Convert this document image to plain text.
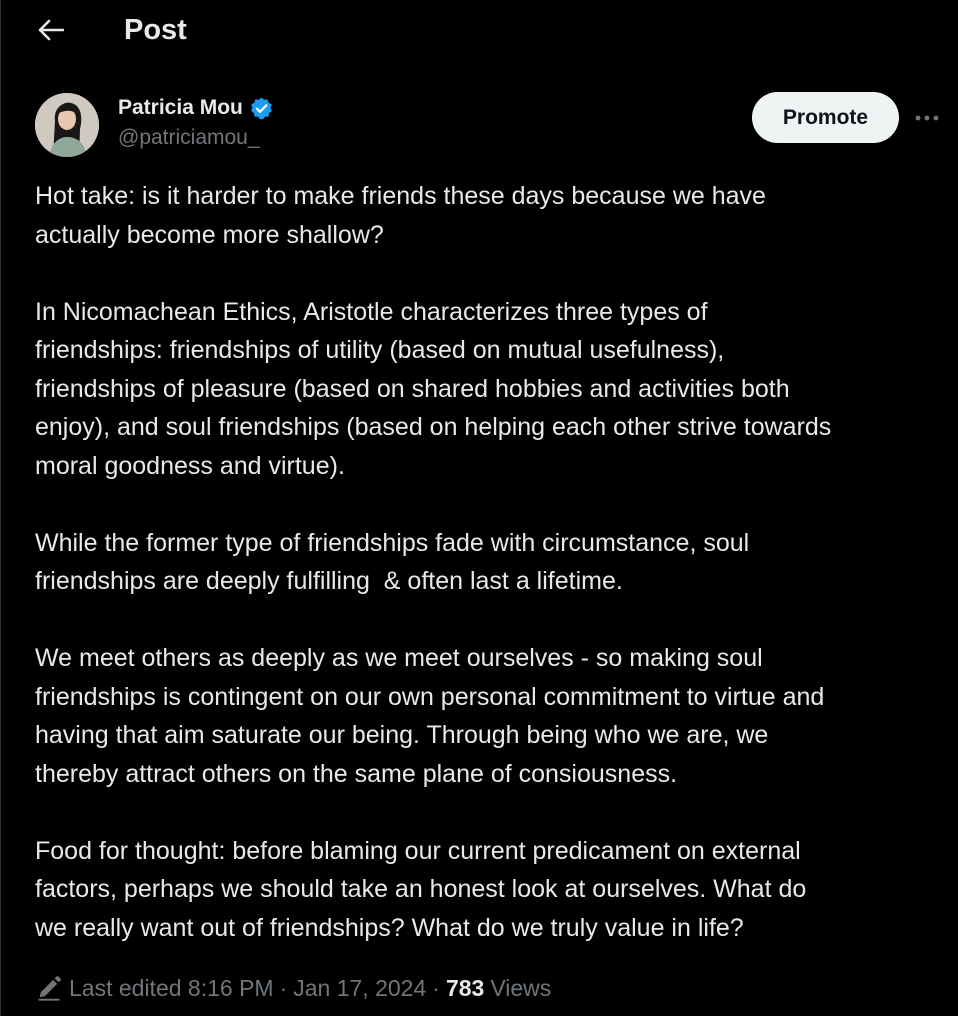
Post
Patricia Mou
@patriciamou_
Promote

Hot take: is it harder to make friends these days because we have
actually become more shallow?

In Nicomachean Ethics, Aristotle characterizes three types of
friendships: friendships of utility (based on mutual usefulness),
friendships of pleasure (based on shared hobbies and activities both
enjoy), and soul friendships (based on helping each other strive towards
moral goodness and virtue).

While the former type of friendships fade with circumstance, soul
friendships are deeply fulfilling  & often last a lifetime.

We meet others as deeply as we meet ourselves - so making soul
friendships is contingent on our own personal commitment to virtue and
having that aim saturate our being. Through being who we are, we
thereby attract others on the same plane of consiousness.

Food for thought: before blaming our current predicament on external
factors, perhaps we should take an honest look at ourselves. What do
we really want out of friendships? What do we truly value in life?

Last edited 8:16 PM · Jan 17, 2024 · 783 Views
